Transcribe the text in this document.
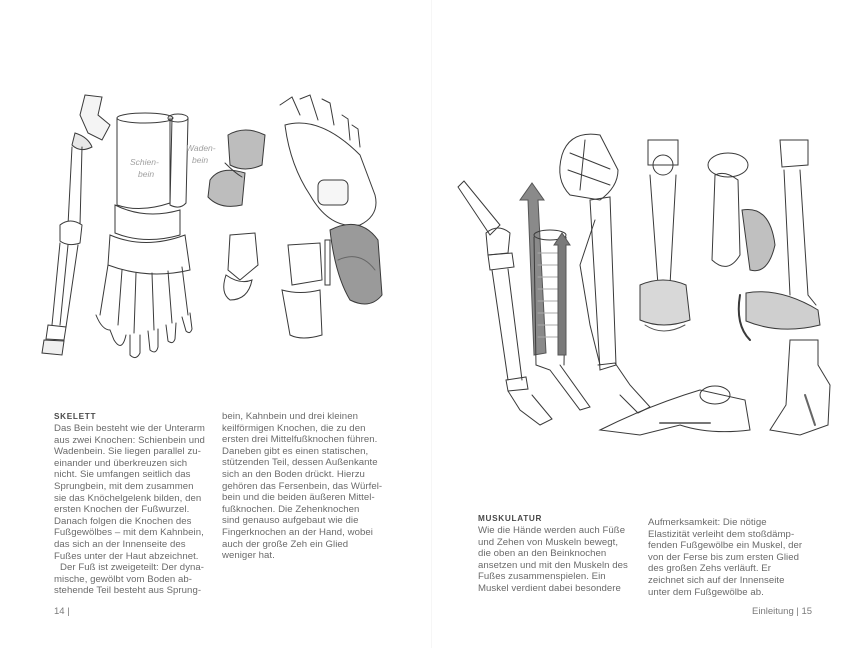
Schien-
bein
Waden-
bein

SKELETT

Das Bein besteht wie der Unterarm

aus zwei Knochen: Schienbein und

Wadenbein. Sie liegen parallel zu-

einander und überkreuzen sich

nicht. Sie umfangen seitlich das

Sprungbein, mit dem zusammen

sie das Knöchelgelenk bilden, den

ersten Knochen der Fußwurzel.

Danach folgen die Knochen des

Fußgewölbes – mit dem Kahnbein,

das sich an der Innenseite des

Fußes unter der Haut abzeichnet.

Der Fuß ist zweigeteilt: Der dyna-

mische, gewölbt vom Boden ab-

stehende Teil besteht aus Sprung-

bein, Kahnbein und drei kleinen

keilförmigen Knochen, die zu den

ersten drei Mittelfußknochen führen.

Daneben gibt es einen statischen,

stützenden Teil, dessen Außenkante

sich an den Boden drückt. Hierzu

gehören das Fersenbein, das Würfel-

bein und die beiden äußeren Mittel-

fußknochen. Die Zehenknochen

sind genauso aufgebaut wie die

Fingerknochen an der Hand, wobei

auch der große Zeh ein Glied

weniger hat.

14 |

MUSKULATUR

Wie die Hände werden auch Füße

und Zehen von Muskeln bewegt,

die oben an den Beinknochen

ansetzen und mit den Muskeln des

Fußes zusammenspielen. Ein

Muskel verdient dabei besondere

Aufmerksamkeit: Die nötige

Elastizität verleiht dem stoßdämp-

fenden Fußgewölbe ein Muskel, der

von der Ferse bis zum ersten Glied

des großen Zehs verläuft. Er

zeichnet sich auf der Innenseite

unter dem Fußgewölbe ab.

Einleitung | 15
